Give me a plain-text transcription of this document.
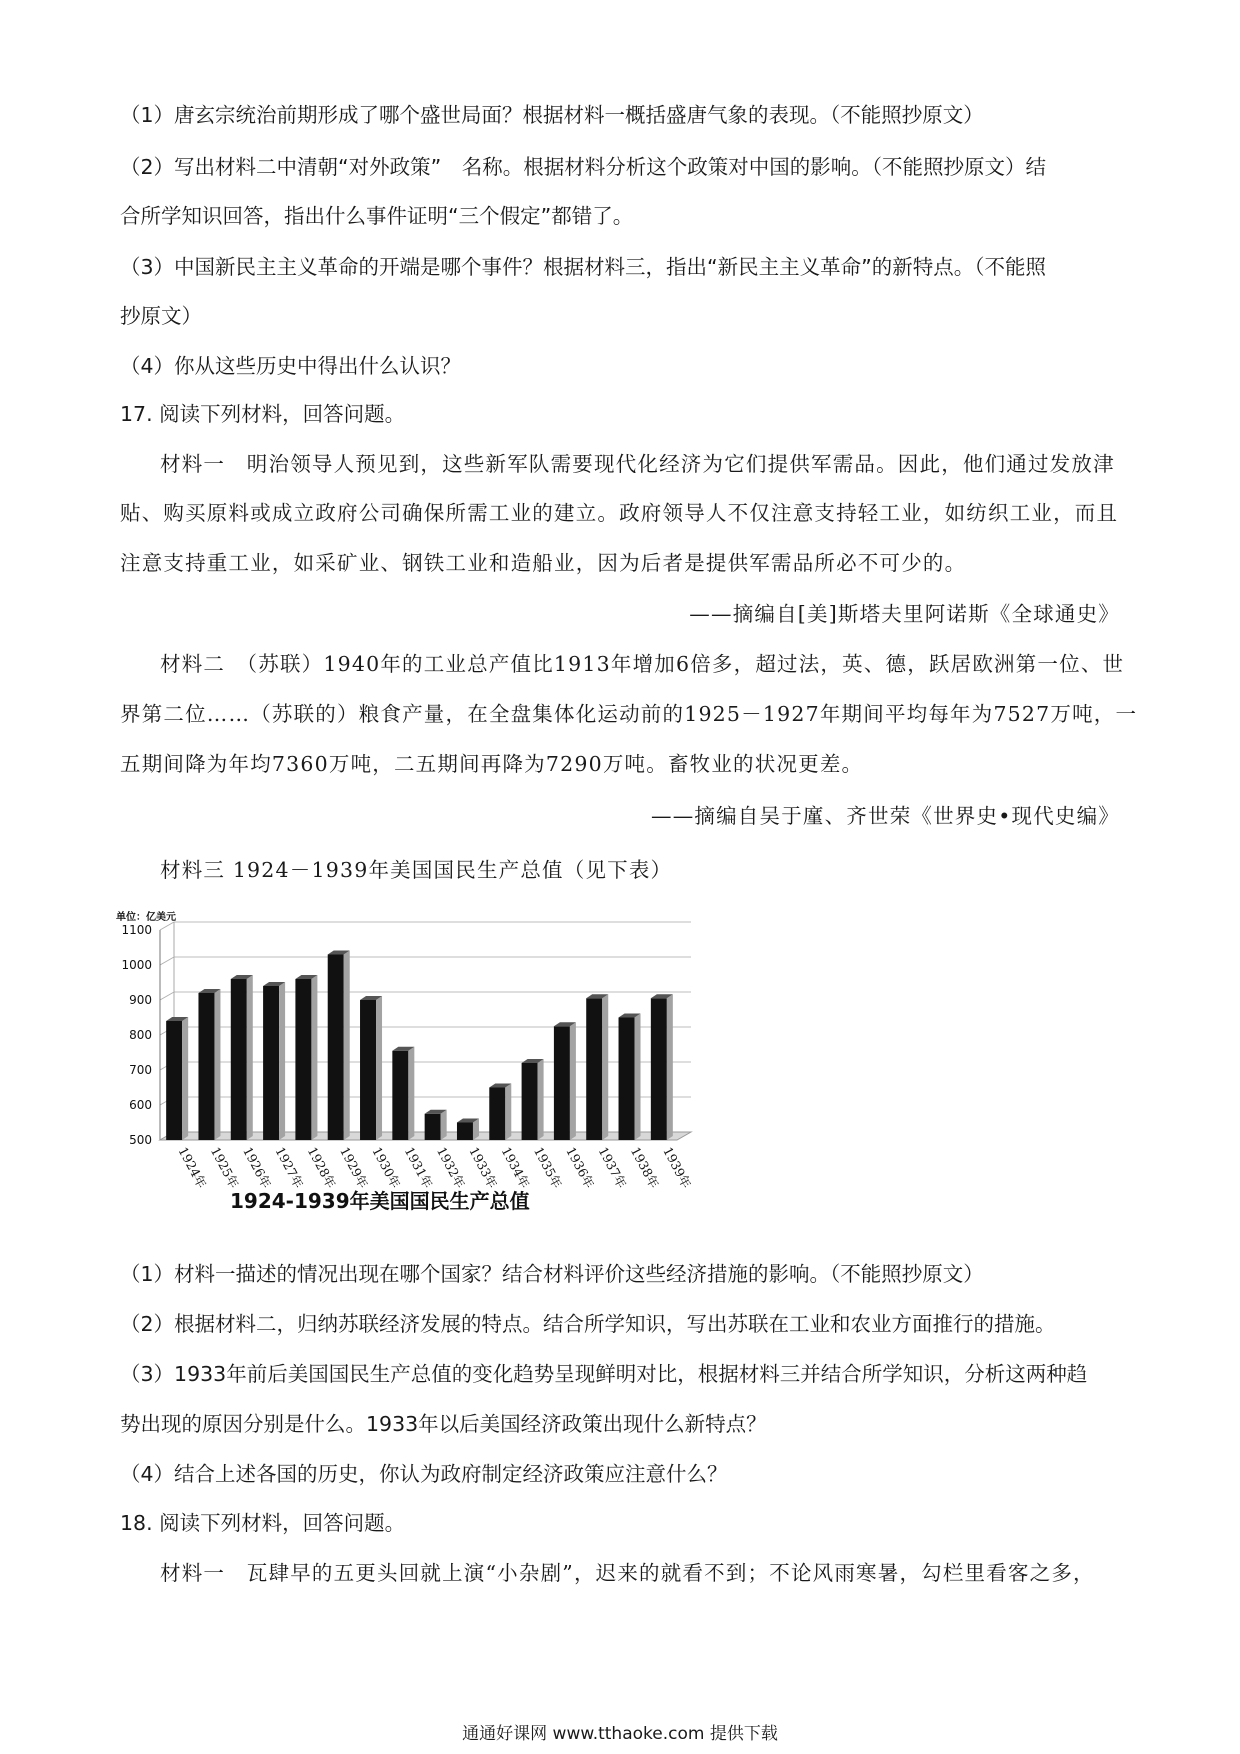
（1）唐玄宗统治前期形成了哪个盛世局面？根据材料一概括盛唐气象的表现。（不能照抄原文）
（2）写出材料二中清朝“对外政策”　名称。根据材料分析这个政策对中国的影响。（不能照抄原文）结
合所学知识回答，指出什么事件证明“三个假定”都错了。
（3）中国新民主主义革命的开端是哪个事件？根据材料三，指出“新民主主义革命”的新特点。（不能照
抄原文）
（4）你从这些历史中得出什么认识？
17. 阅读下列材料，回答问题。
材料一　明治领导人预见到，这些新军队需要现代化经济为它们提供军需品。因此，他们通过发放津
贴、购买原料或成立政府公司确保所需工业的建立。政府领导人不仅注意支持轻工业，如纺织工业，而且
注意支持重工业，如采矿业、钢铁工业和造船业，因为后者是提供军需品所必不可少的。
——摘编自[美]斯塔夫里阿诺斯《全球通史》
材料二　（苏联）1940年的工业总产值比1913年增加6倍多，超过法，英、德，跃居欧洲第一位、世
界第二位……（苏联的）粮食产量，在全盘集体化运动前的1925－1927年期间平均每年为7527万吨，一
五期间降为年均7360万吨，二五期间再降为7290万吨。畜牧业的状况更差。
——摘编自吴于廑、齐世荣《世界史•现代史编》
材料三 1924－1939年美国国民生产总值（见下表）
500
600
700
800
900
1000
1100
单位：亿美元
1924年
1925年
1926年
1927年
1928年
1929年
1930年
1931年
1932年
1933年
1934年
1935年
1936年
1937年
1938年
1939年
1924-1939年美国国民生产总值
（1）材料一描述的情况出现在哪个国家？结合材料评价这些经济措施的影响。（不能照抄原文）
（2）根据材料二，归纳苏联经济发展的特点。结合所学知识，写出苏联在工业和农业方面推行的措施。
（3）1933年前后美国国民生产总值的变化趋势呈现鲜明对比，根据材料三并结合所学知识，分析这两种趋
势出现的原因分别是什么。1933年以后美国经济政策出现什么新特点？
（4）结合上述各国的历史，你认为政府制定经济政策应注意什么？
18. 阅读下列材料，回答问题。
材料一　瓦肆早的五更头回就上演“小杂剧”，迟来的就看不到；不论风雨寒暑，勾栏里看客之多，
通通好课网 www.tthaoke.com 提供下载
